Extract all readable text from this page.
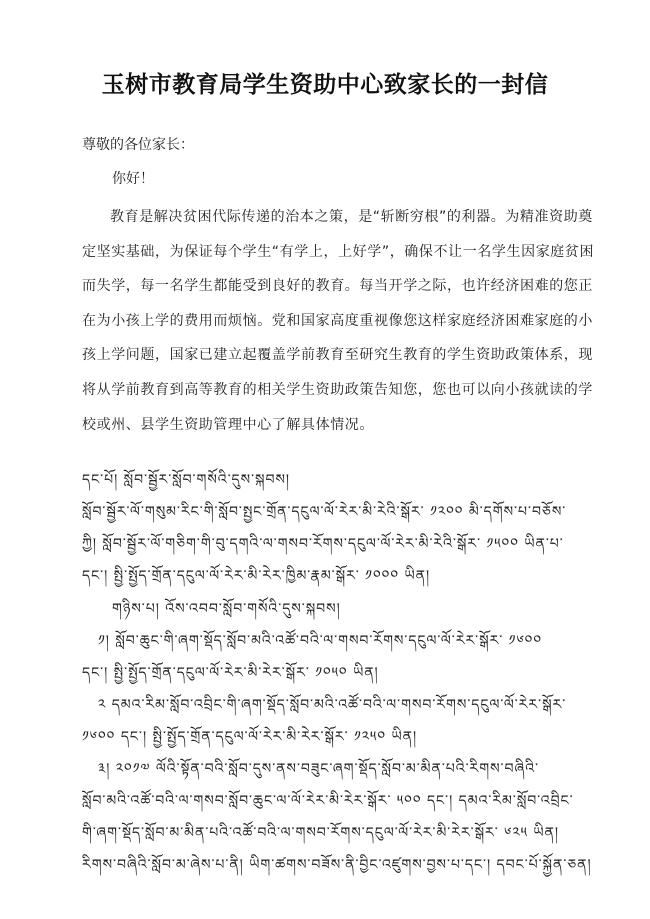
玉树市教育局学生资助中心致家长的一封信
尊敬的各位家长：
你好！
教育是解决贫困代际传递的治本之策，是“斩断穷根”的利器。为精准资助奠定坚实基础，为保证每个学生“有学上，上好学”，确保不让一名学生因家庭贫困而失学，每一名学生都能受到良好的教育。每当开学之际，也许经济困难的您正在为小孩上学的费用而烦恼。党和国家高度重视像您这样家庭经济困难家庭的小孩上学问题，国家已建立起覆盖学前教育至研究生教育的学生资助政策体系，现将从学前教育到高等教育的相关学生资助政策告知您，您也可以向小孩就读的学校或州、县学生资助管理中心了解具体情况。
དང་པོ། སློབ་སྦྱོར་སློབ་གསོའི་དུས་སྐབས།
སློབ་སྦྱོར་ལོ་གསུམ་རིང་གི་སློབ་སྤྱང་གྲོན་དངུལ་ལོ་རེར་མི་རེའི་སྒོར་ ༡༢༠༠ མི་དགོས་པ་བཅོས་
ཀྱི། སློབ་སྦྱོར་ལོ་གཅིག་གི་བུ་དགའི་ལ་གསབ་རོགས་དངུལ་ལོ་རེར་མི་རེའི་སྒོར་ ༡༥༠༠ ཡིན་པ་
དང་། སྤྱི་སྤྱོད་གྲོན་དངུལ་ལོ་རེར་མི་རེར་ཁྱིམ་རྣམ་སྒོར་ ༡༠༠༠ ཡིན།
གཉིས་པ། འོས་འབབ་སློབ་གསོའི་དུས་སྐབས།
༡། སློབ་ཆུང་གི་ཞག་སྡོད་སློབ་མའི་འཚོ་བའི་ལ་གསབ་རོགས་དངུལ་ལོ་རེར་སྒོར་ ༡༦༠༠
དང་། སྤྱི་སྤྱོད་གྲོན་དངུལ་ལོ་རེར་མི་རེར་སྒོར་ ༡༠༥༠ ཡིན།
༢ དམའ་རིམ་སློབ་འབྲིང་གི་ཞག་སྡོད་སློབ་མའི་འཚོ་བའི་ལ་གསབ་རོགས་དངུལ་ལོ་རེར་སྒོར་
༡༦༠༠ དང་། སྤྱི་སྤྱོད་གྲོན་དངུལ་ལོ་རེར་མི་རེར་སྒོར་ ༡༢༥༠ ཡིན།
༣། ༢༠༡༧ ལོའི་སྟོན་བའི་སློབ་དུས་ནས་བཟུང་ཞག་སྡོད་སློབ་མ་མིན་པའི་རིགས་བཞིའི་
སློབ་མའི་འཚོ་བའི་ལ་གསབ་སློབ་ཆུང་ལ་ལོ་རེར་མི་རེར་སྒོར་ ༥༠༠ དང་། དམའ་རིམ་སློབ་འབྲིང་
གི་ཞག་སྡོད་སློབ་མ་མིན་པའི་འཚོ་བའི་ལ་གསབ་རོགས་དངུལ་ལོ་རེར་མི་རེར་སྒོར་ ༦༢༥ ཡིན།
རིགས་བཞིའི་སློབ་མ་ཞེས་པ་ནི། ཡིག་ཚགས་བཟོས་ནི་བྱིང་འཛུགས་བྱས་པ་དང་། དབང་པོ་སྐྱོན་ཅན།
